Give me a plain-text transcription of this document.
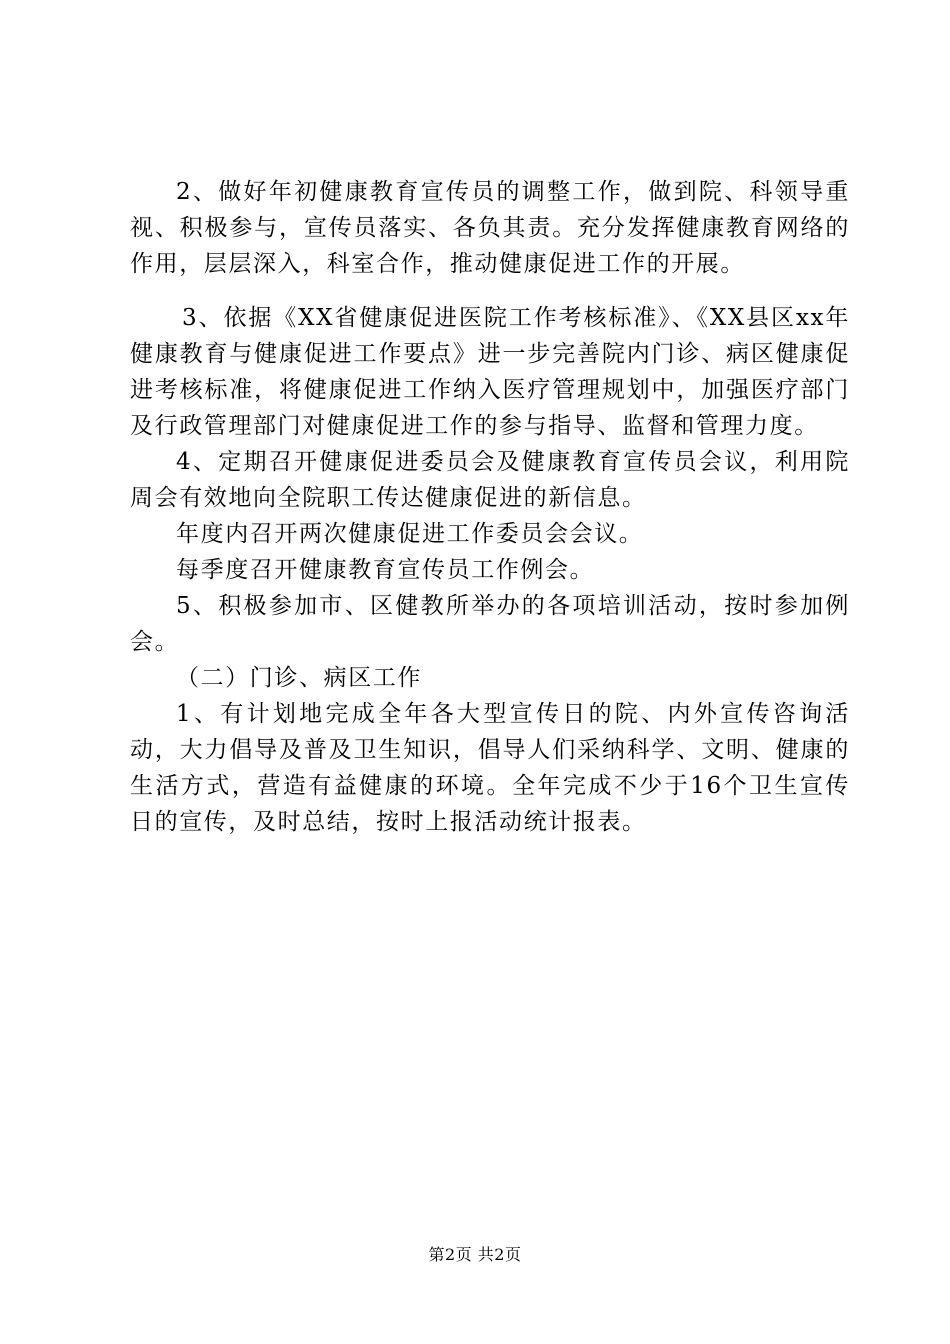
2、做好年初健康教育宣传员的调整工作，做到院、科领导重视、积极参与，宣传员落实、各负其责。充分发挥健康教育网络的作用，层层深入，科室合作，推动健康促进工作的开展。

3、依据《XX省健康促进医院工作考核标准》、《XX县区xx年健康教育与健康促进工作要点》进一步完善院内门诊、病区健康促进考核标准，将健康促进工作纳入医疗管理规划中，加强医疗部门及行政管理部门对健康促进工作的参与指导、监督和管理力度。

4、定期召开健康促进委员会及健康教育宣传员会议，利用院周会有效地向全院职工传达健康促进的新信息。

年度内召开两次健康促进工作委员会会议。

每季度召开健康教育宣传员工作例会。

5、积极参加市、区健教所举办的各项培训活动，按时参加例会。

（二）门诊、病区工作

1、有计划地完成全年各大型宣传日的院、内外宣传咨询活动，大力倡导及普及卫生知识，倡导人们采纳科学、文明、健康的生活方式，营造有益健康的环境。全年完成不少于16个卫生宣传日的宣传，及时总结，按时上报活动统计报表。

第2页 共2页
